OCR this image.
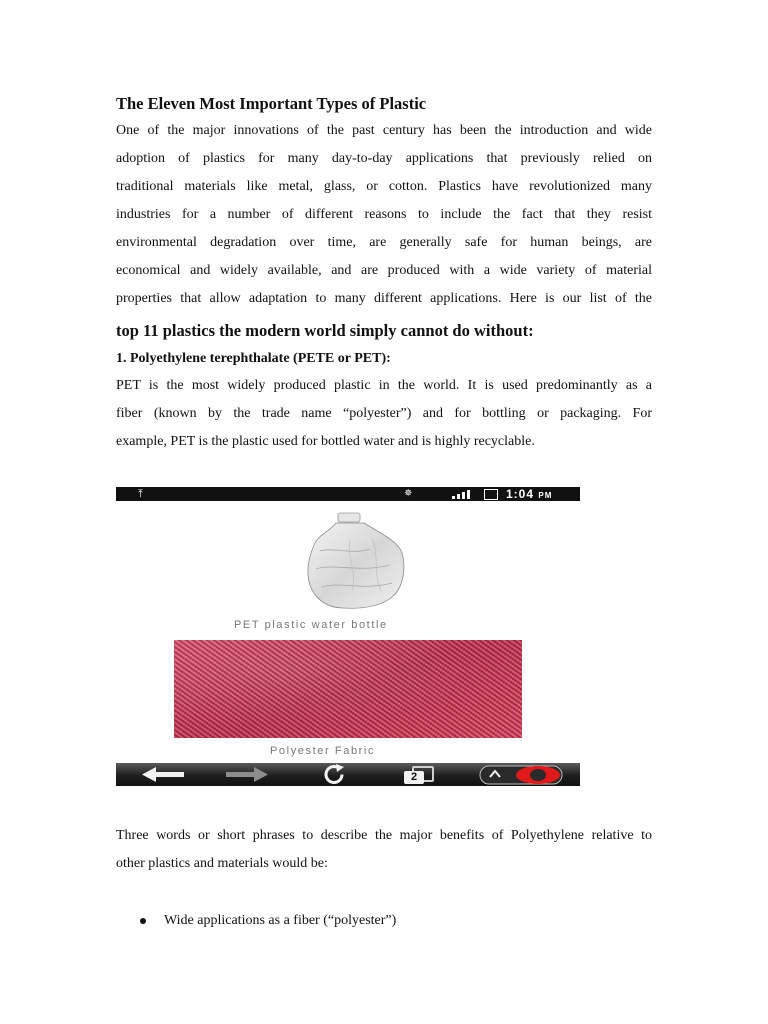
The Eleven Most Important Types of Plastic
One of the major innovations of the past century has been the introduction and wide
adoption of plastics for many day-to-day applications that previously relied on
traditional materials like metal, glass, or cotton. Plastics have revolutionized many
industries for a number of different reasons to include the fact that they resist
environmental degradation over time, are generally safe for human beings, are
economical and widely available, and are produced with a wide variety of material
properties that allow adaptation to many different applications. Here is our list of the
top 11 plastics the modern world simply cannot do without:
1. Polyethylene terephthalate (PETE or PET):
PET is the most widely produced plastic in the world. It is used predominantly as a
fiber (known by the trade name “polyester”) and for bottling or packaging. For
example, PET is the plastic used for bottled water and is highly recyclable.
⤒	✵	1:04 PM
PET plastic water bottle
Polyester Fabric
2
Three words or short phrases to describe the major benefits of Polyethylene relative to
other plastics and materials would be:
Wide applications as a fiber (“polyester”)
